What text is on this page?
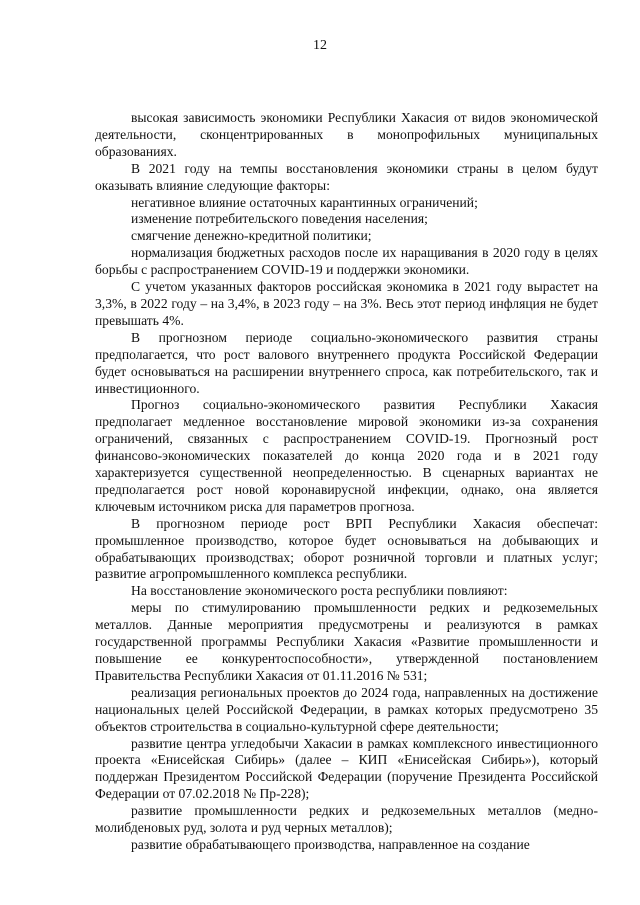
12

высокая зависимость экономики Республики Хакасия от видов экономической деятельности, сконцентрированных в монопрофильных муниципальных образованиях.

В 2021 году на темпы восстановления экономики страны в целом будут оказывать влияние следующие факторы:

негативное влияние остаточных карантинных ограничений;

изменение потребительского поведения населения;

смягчение денежно-кредитной политики;

нормализация бюджетных расходов после их наращивания в 2020 году в целях борьбы с распространением COVID-19 и поддержки экономики.

С учетом указанных факторов российская экономика в 2021 году вырастет на 3,3%, в 2022 году – на 3,4%, в 2023 году – на 3%. Весь этот период инфляция не будет превышать 4%.

В прогнозном периоде социально-экономического развития страны предполагается, что рост валового внутреннего продукта Российской Федерации будет основываться на расширении внутреннего спроса, как потребительского, так и инвестиционного.

Прогноз социально-экономического развития Республики Хакасия предполагает медленное восстановление мировой экономики из-за сохранения ограничений, связанных с распространением COVID-19. Прогнозный рост финансово-экономических показателей до конца 2020 года и в 2021 году характеризуется существенной неопределенностью. В сценарных вариантах не предполагается рост новой коронавирусной инфекции, однако, она является ключевым источником риска для параметров прогноза.

В прогнозном периоде рост ВРП Республики Хакасия обеспечат: промышленное производство, которое будет основываться на добывающих и обрабатывающих производствах; оборот розничной торговли и платных услуг; развитие агропромышленного комплекса республики.

На восстановление экономического роста республики повлияют:

меры по стимулированию промышленности редких и редкоземельных металлов. Данные мероприятия предусмотрены и реализуются в рамках государственной программы Республики Хакасия «Развитие промышленности и повышение ее конкурентоспособности», утвержденной постановлением Правительства Республики Хакасия от 01.11.2016 № 531;

реализация региональных проектов до 2024 года, направленных на достижение национальных целей Российской Федерации, в рамках которых предусмотрено 35 объектов строительства в социально-культурной сфере деятельности;

развитие центра угледобычи Хакасии в рамках комплексного инвестиционного проекта «Енисейская Сибирь» (далее – КИП «Енисейская Сибирь»), который поддержан Президентом Российской Федерации (поручение Президента Российской Федерации от 07.02.2018 № Пр-228);

развитие промышленности редких и редкоземельных металлов (медно-молибденовых руд, золота и руд черных металлов);

развитие обрабатывающего производства, направленное на создание
